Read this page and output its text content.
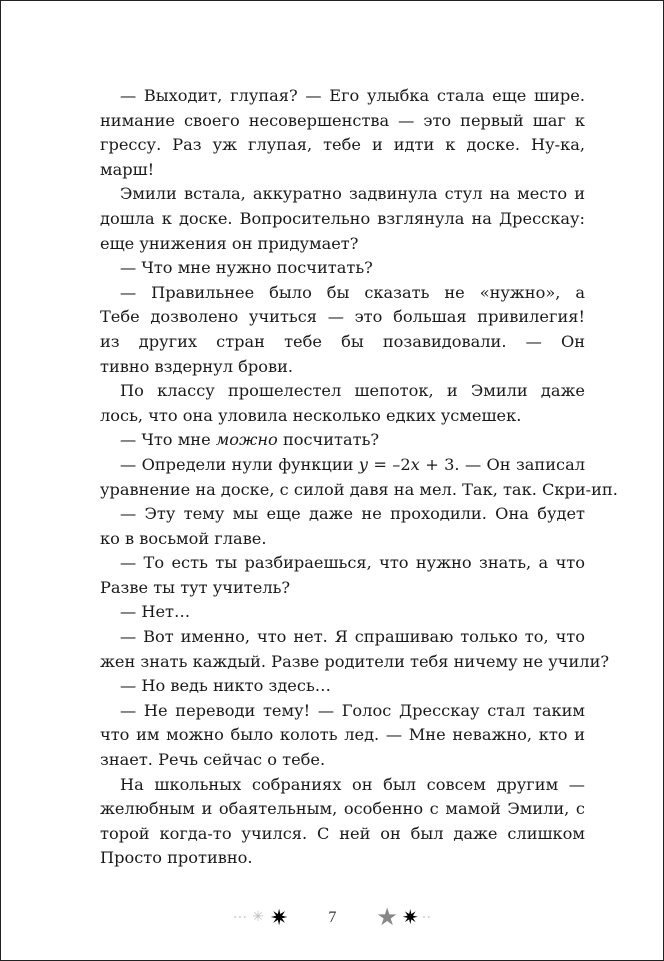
— Выходит, глупая? — Его улыбка стала еще шире.
нимание своего несовершенства — это первый шаг к
грессу. Раз уж глупая, тебе и идти к доске. Ну-ка,
марш!
Эмили встала, аккуратно задвинула стул на место и
дошла к доске. Вопросительно взглянула на Дресскау:
еще унижения он придумает?
— Что мне нужно посчитать?
— Правильнее было бы сказать не «нужно», а
Тебе дозволено учиться — это большая привилегия!
из других стран тебе бы позавидовали. — Он
тивно вздернул брови.
По классу прошелестел шепоток, и Эмили даже
лось, что она уловила несколько едких усмешек.
— Что мне можно посчитать?
— Определи нули функции y = –2x + 3. — Он записал
уравнение на доске, с силой давя на мел. Так, так. Скри-ип.
— Эту тему мы еще даже не проходили. Она будет
ко в восьмой главе.
— То есть ты разбираешься, что нужно знать, а что
Разве ты тут учитель?
— Нет…
— Вот именно, что нет. Я спрашиваю только то, что
жен знать каждый. Разве родители тебя ничему не учили?
— Но ведь никто здесь…
— Не переводи тему! — Голос Дресскау стал таким
что им можно было колоть лед. — Мне неважно, кто и
знает. Речь сейчас о тебе.
На школьных собраниях он был совсем другим —
желюбным и обаятельным, особенно с мамой Эмили, с
торой когда-то учился. С ней он был даже слишком
Просто противно.
• • • ✳ ✷	7 ★ ✷ • •
